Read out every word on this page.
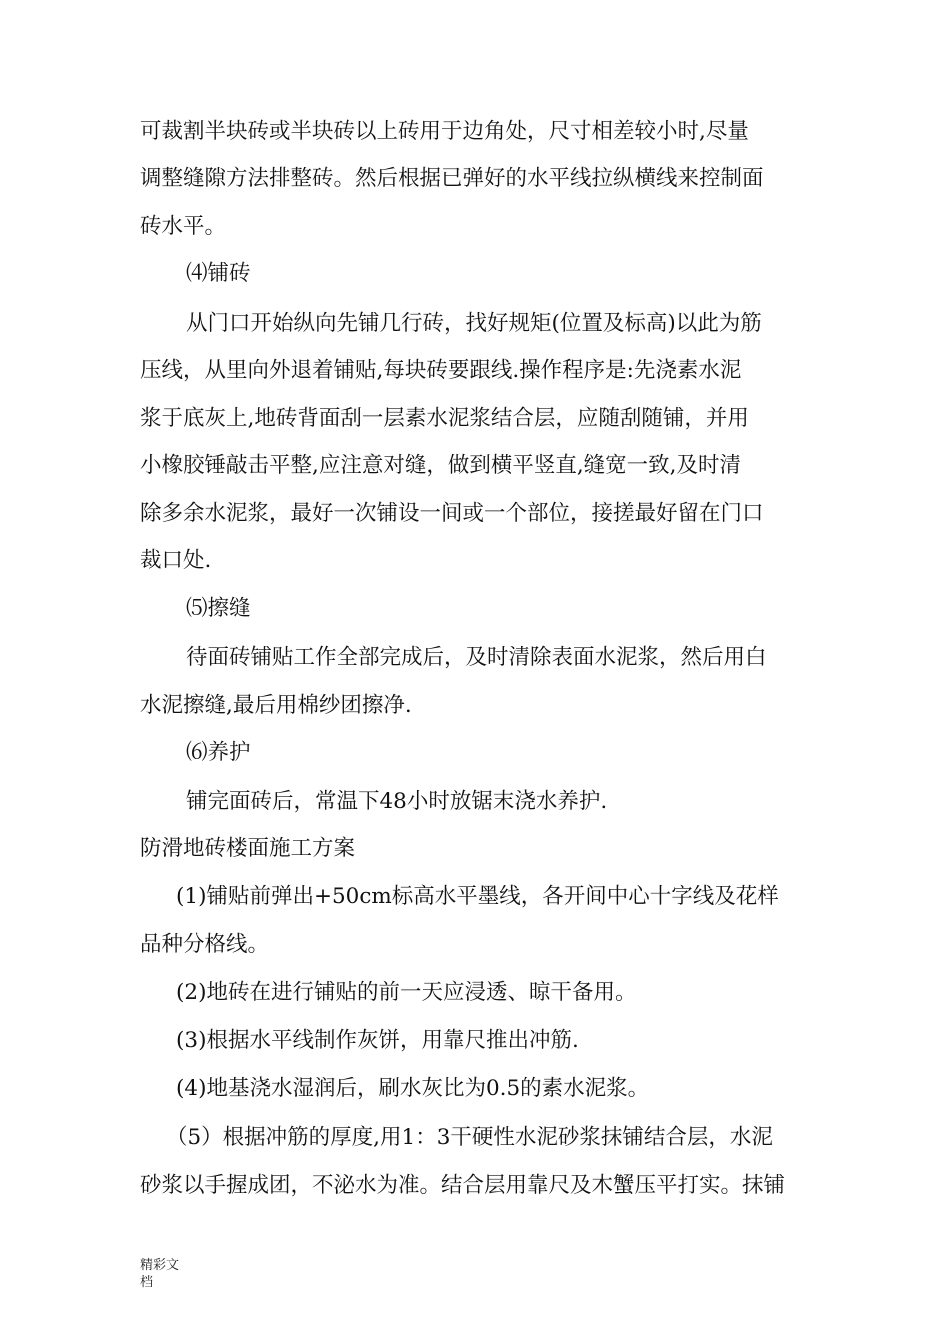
可裁割半块砖或半块砖以上砖用于边角处，尺寸相差较小时,尽量
调整缝隙方法排整砖。然后根据已弹好的水平线拉纵横线来控制面
砖水平。
⑷铺砖
从门口开始纵向先铺几行砖，找好规矩(位置及标高)以此为筋
压线，从里向外退着铺贴,每块砖要跟线.操作程序是:先浇素水泥
浆于底灰上,地砖背面刮一层素水泥浆结合层，应随刮随铺，并用
小橡胶锤敲击平整,应注意对缝，做到横平竖直,缝宽一致,及时清
除多余水泥浆，最好一次铺设一间或一个部位，接搓最好留在门口
裁口处.
⑸擦缝
待面砖铺贴工作全部完成后，及时清除表面水泥浆，然后用白
水泥擦缝,最后用棉纱团擦净.
⑹养护
铺完面砖后，常温下48小时放锯末浇水养护.
防滑地砖楼面施工方案
(1)铺贴前弹出+50cm标高水平墨线，各开间中心十字线及花样
品种分格线。
(2)地砖在进行铺贴的前一天应浸透、晾干备用。
(3)根据水平线制作灰饼，用靠尺推出冲筋.
(4)地基浇水湿润后，刷水灰比为0.5的素水泥浆。
（5）根据冲筋的厚度,用1：3干硬性水泥砂浆抹铺结合层，水泥
砂浆以手握成团，不泌水为准。结合层用靠尺及木蟹压平打实。抹铺
精彩文
档
